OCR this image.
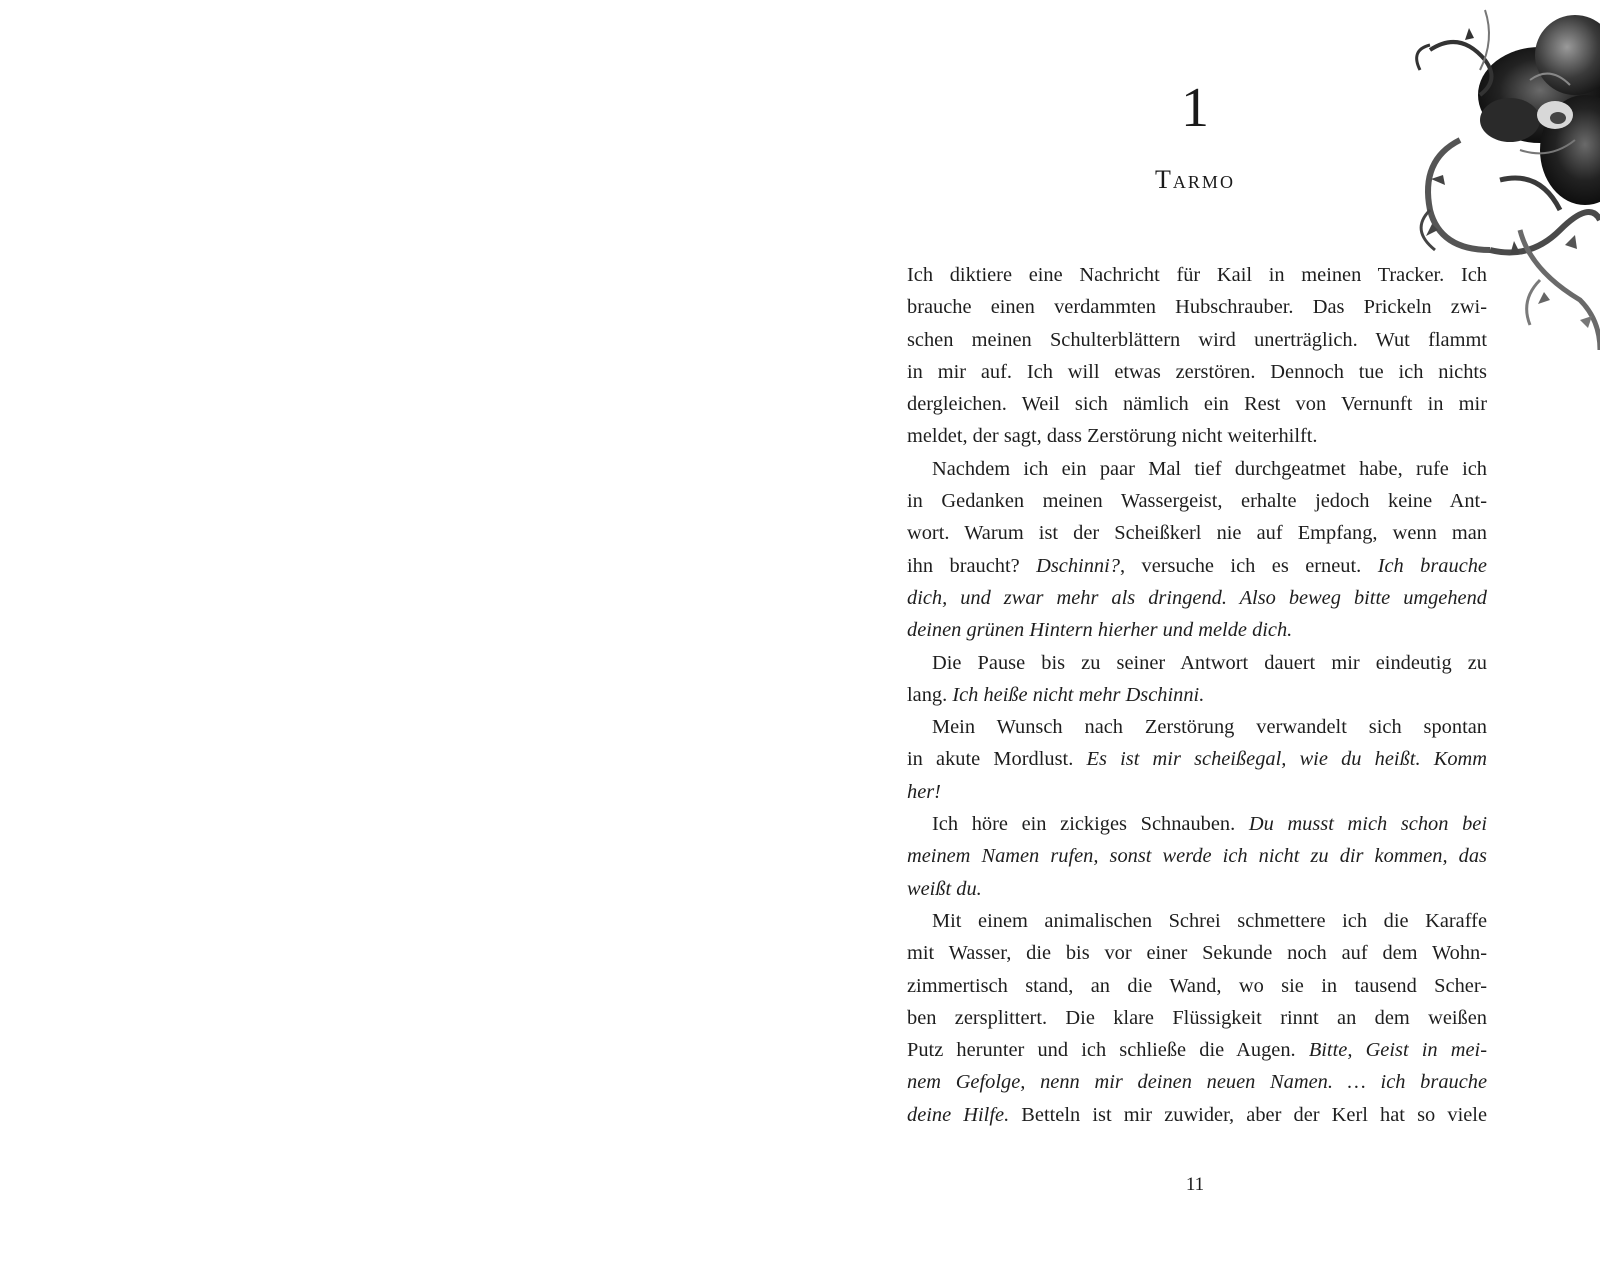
1
Tarmo

Ich diktiere eine Nachricht für Kail in meinen Tracker. Ich
brauche einen verdammten Hubschrauber. Das Prickeln zwi-
schen meinen Schulterblättern wird unerträglich. Wut flammt
in mir auf. Ich will etwas zerstören. Dennoch tue ich nichts
dergleichen. Weil sich nämlich ein Rest von Vernunft in mir
meldet, der sagt, dass Zerstörung nicht weiterhilft.

Nachdem ich ein paar Mal tief durchgeatmet habe, rufe ich
in Gedanken meinen Wassergeist, erhalte jedoch keine Ant-
wort. Warum ist der Scheißkerl nie auf Empfang, wenn man
ihn braucht? Dschinni?, versuche ich es erneut. Ich brauche
dich, und zwar mehr als dringend. Also beweg bitte umgehend
deinen grünen Hintern hierher und melde dich.

Die Pause bis zu seiner Antwort dauert mir eindeutig zu
lang. Ich heiße nicht mehr Dschinni.

Mein Wunsch nach Zerstörung verwandelt sich spontan
in akute Mordlust. Es ist mir scheißegal, wie du heißt. Komm
her!

Ich höre ein zickiges Schnauben. Du musst mich schon bei
meinem Namen rufen, sonst werde ich nicht zu dir kommen, das
weißt du.

Mit einem animalischen Schrei schmettere ich die Karaffe
mit Wasser, die bis vor einer Sekunde noch auf dem Wohn-
zimmertisch stand, an die Wand, wo sie in tausend Scher-
ben zersplittert. Die klare Flüssigkeit rinnt an dem weißen
Putz herunter und ich schließe die Augen. Bitte, Geist in mei-
nem Gefolge, nenn mir deinen neuen Namen. … ich brauche
deine Hilfe. Betteln ist mir zuwider, aber der Kerl hat so viele

11
